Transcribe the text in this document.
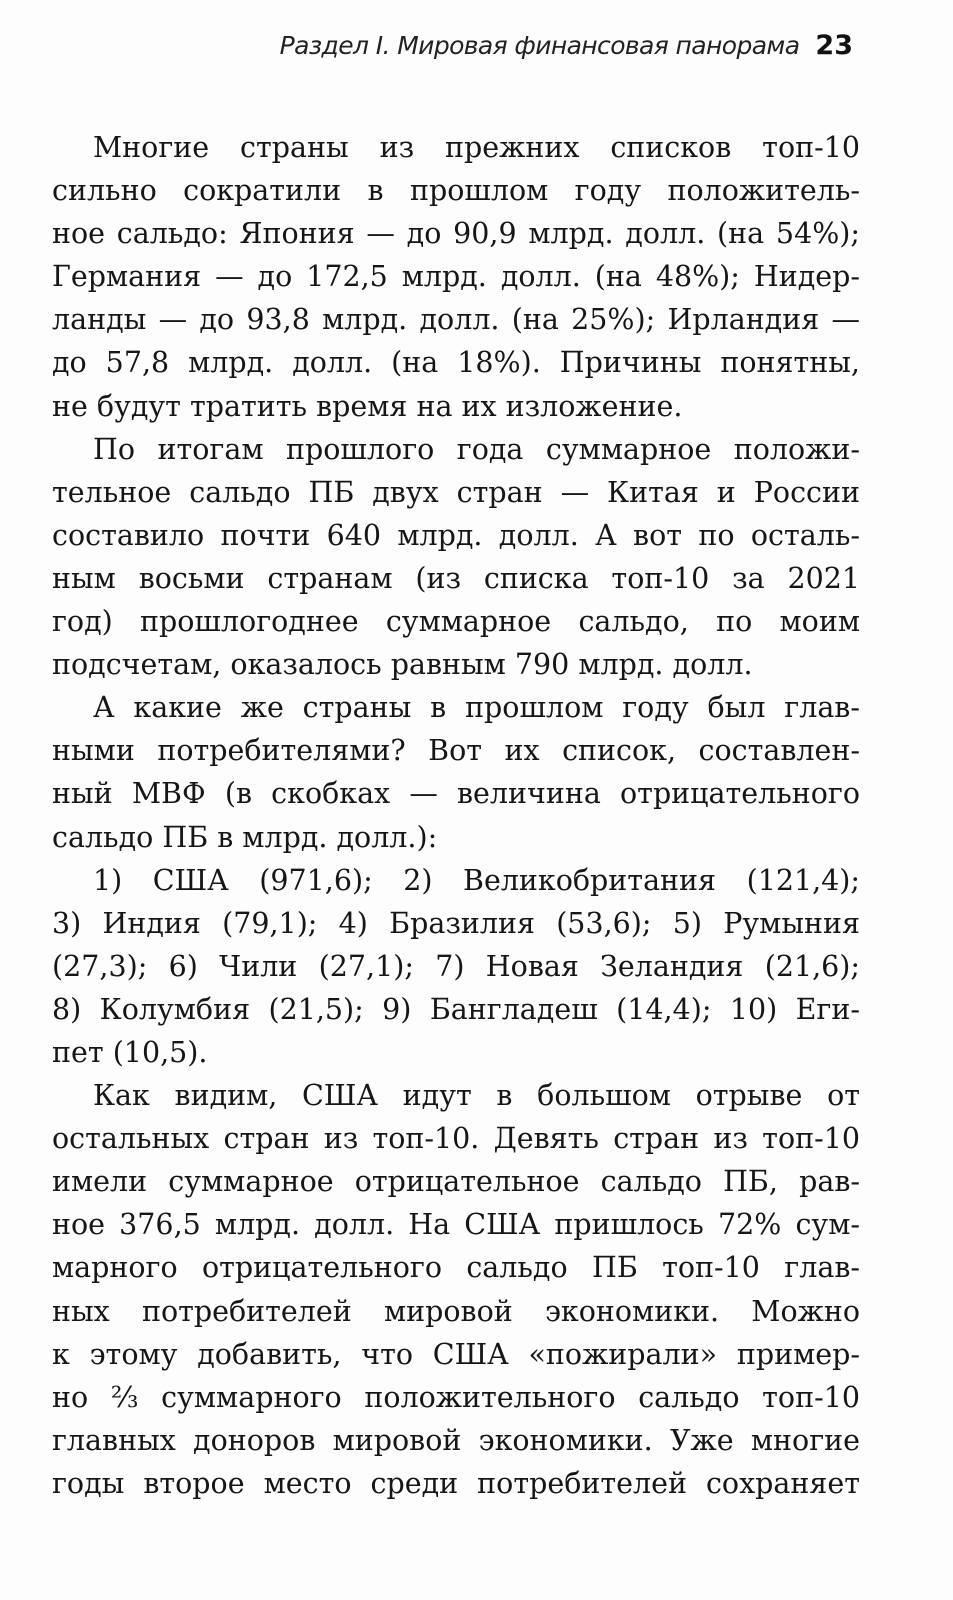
Раздел I. Мировая финансовая панорама 23
Многие страны из прежних списков топ-10
сильно сократили в прошлом году положитель-
ное сальдо: Япония — до 90,9 млрд. долл. (на 54%);
Германия — до 172,5 млрд. долл. (на 48%); Нидер-
ланды — до 93,8 млрд. долл. (на 25%); Ирландия —
до 57,8 млрд. долл. (на 18%). Причины понятны,
не будут тратить время на их изложение.
По итогам прошлого года суммарное положи-
тельное сальдо ПБ двух стран — Китая и России
составило почти 640 млрд. долл. А вот по осталь-
ным восьми странам (из списка топ-10 за 2021
год) прошлогоднее суммарное сальдо, по моим
подсчетам, оказалось равным 790 млрд. долл.
А какие же страны в прошлом году был глав-
ными потребителями? Вот их список, составлен-
ный МВФ (в скобках — величина отрицательного
сальдо ПБ в млрд. долл.):
1) США (971,6); 2) Великобритания (121,4);
3) Индия (79,1); 4) Бразилия (53,6); 5) Румыния
(27,3); 6) Чили (27,1); 7) Новая Зеландия (21,6);
8) Колумбия (21,5); 9) Бангладеш (14,4); 10) Еги-
пет (10,5).
Как видим, США идут в большом отрыве от
остальных стран из топ-10. Девять стран из топ-10
имели суммарное отрицательное сальдо ПБ, рав-
ное 376,5 млрд. долл. На США пришлось 72% сум-
марного отрицательного сальдо ПБ топ-10 глав-
ных потребителей мировой экономики. Можно
к этому добавить, что США «пожирали» пример-
но ⅔ суммарного положительного сальдо топ-10
главных доноров мировой экономики. Уже многие
годы второе место среди потребителей сохраняет
